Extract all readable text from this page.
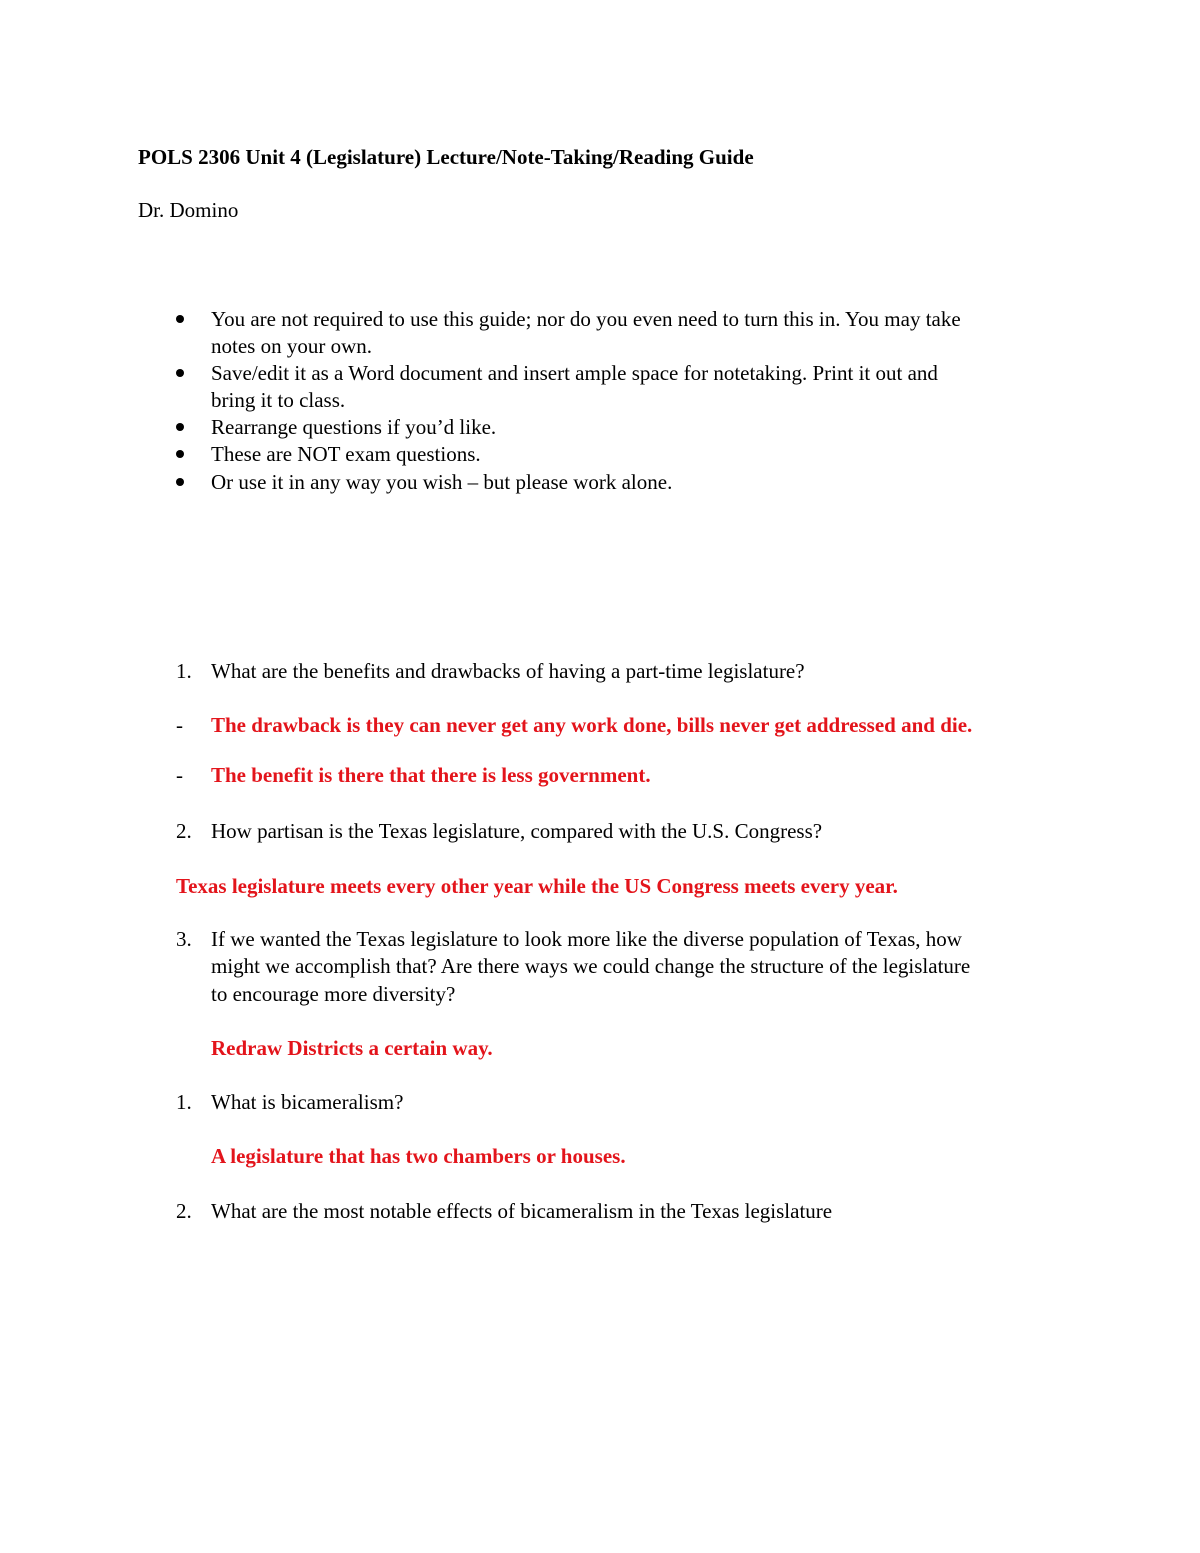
POLS 2306 Unit 4 (Legislature) Lecture/Note-Taking/Reading Guide
Dr. Domino
You are not required to use this guide; nor do you even need to turn this in. You may take
notes on your own.
Save/edit it as a Word document and insert ample space for notetaking. Print it out and
bring it to class.
Rearrange questions if you’d like.
These are NOT exam questions.
Or use it in any way you wish – but please work alone.
1. What are the benefits and drawbacks of having a part-time legislature?
- The drawback is they can never get any work done, bills never get addressed and die.
- The benefit is there that there is less government.
2. How partisan is the Texas legislature, compared with the U.S. Congress?
Texas legislature meets every other year while the US Congress meets every year.
3. If we wanted the Texas legislature to look more like the diverse population of Texas, how
might we accomplish that? Are there ways we could change the structure of the legislature
to encourage more diversity?
Redraw Districts a certain way.
1. What is bicameralism?
A legislature that has two chambers or houses.
2. What are the most notable effects of bicameralism in the Texas legislature
